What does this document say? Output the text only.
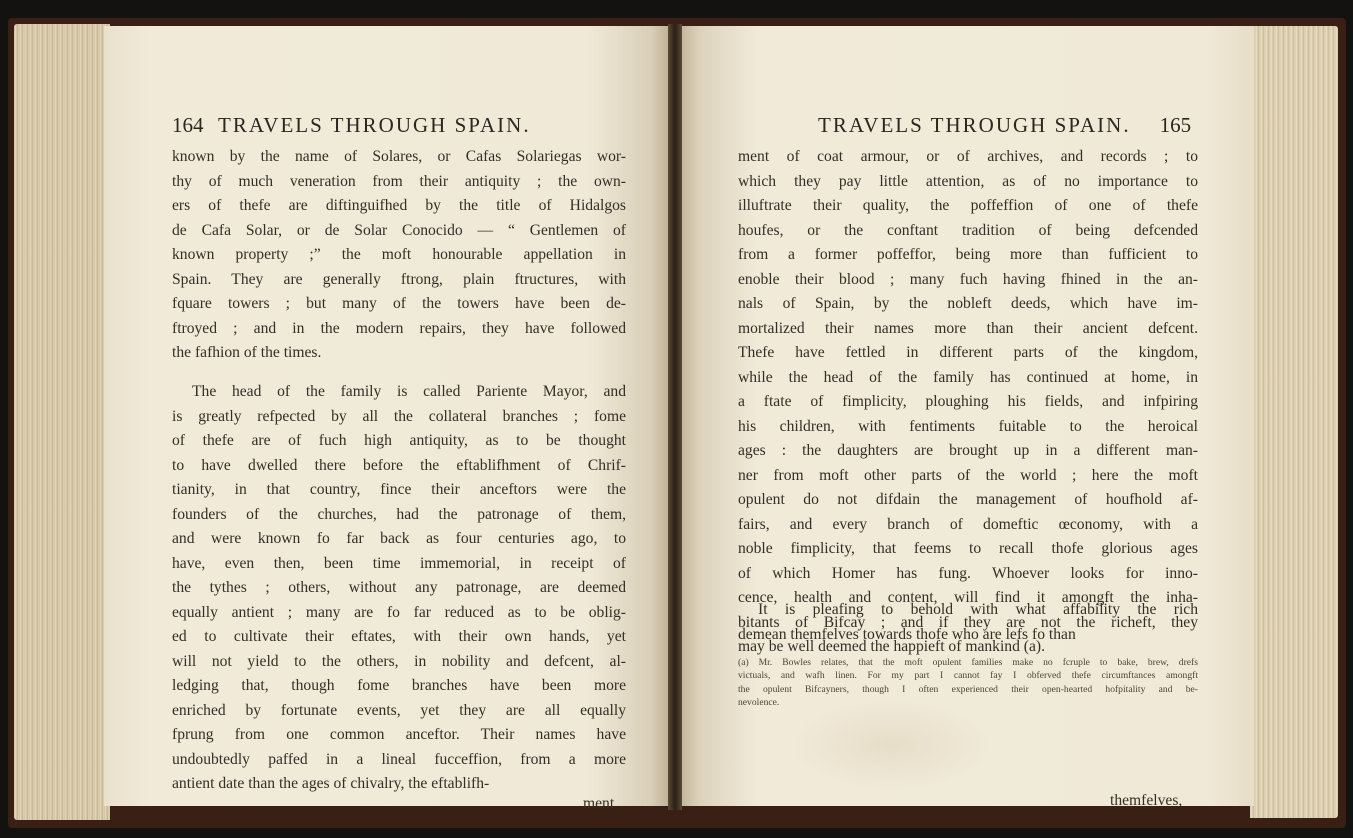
164 TRAVELS THROUGH SPAIN.
known by the name of Solares, or Cafas Solariegas wor-
thy of much veneration from their antiquity ; the own-
ers of thefe are diftinguifhed by the title of Hidalgos
de Cafa Solar, or de Solar Conocido — “ Gentlemen of
known property ;” the moft honourable appellation in
Spain. They are generally ftrong, plain ftructures, with
fquare towers ; but many of the towers have been de-
ftroyed ; and in the modern repairs, they have followed
the fafhion of the times.
The head of the family is called Pariente Mayor, and
is greatly refpected by all the collateral branches ; fome
of thefe are of fuch high antiquity, as to be thought
to have dwelled there before the eftablifhment of Chrif-
tianity, in that country, fince their anceftors were the
founders of the churches, had the patronage of them,
and were known fo far back as four centuries ago, to
have, even then, been time immemorial, in receipt of
the tythes ; others, without any patronage, are deemed
equally antient ; many are fo far reduced as to be oblig-
ed to cultivate their eftates, with their own hands, yet
will not yield to the others, in nobility and defcent, al-
ledging that, though fome branches have been more
enriched by fortunate events, yet they are all equally
fprung from one common anceftor. Their names have
undoubtedly paffed in a lineal fucceffion, from a more
antient date than the ages of chivalry, the eftablifh-
ment
TRAVELS THROUGH SPAIN. 165
ment of coat armour, or of archives, and records ; to
which they pay little attention, as of no importance to
illuftrate their quality, the poffeffion of one of thefe
houfes, or the conftant tradition of being defcended
from a former poffeffor, being more than fufficient to
enoble their blood ; many fuch having fhined in the an-
nals of Spain, by the nobleft deeds, which have im-
mortalized their names more than their ancient defcent.
Thefe have fettled in different parts of the kingdom,
while the head of the family has continued at home, in
a ftate of fimplicity, ploughing his fields, and infpiring
his children, with fentiments fuitable to the heroical
ages : the daughters are brought up in a different man-
ner from moft other parts of the world ; here the moft
opulent do not difdain the management of houfhold af-
fairs, and every branch of domeftic œconomy, with a
noble fimplicity, that feems to recall thofe glorious ages
of which Homer has fung. Whoever looks for inno-
cence, health and content, will find it amongft the inha-
bitants of Bifcay ; and if they are not the richeft, they
may be well deemed the happieft of mankind (a).
It is pleafing to behold with what affability the rich
demean themfelves towards thofe who are lefs fo than
(a) Mr. Bowles relates, that the moft opulent families make no fcruple to bake, brew, drefs
victuals, and wafh linen. For my part I cannot fay I obferved thefe circumftances amongft
the opulent Bifcayners, though I often experienced their open-hearted hofpitality and be-
nevolence.
themfelves,
